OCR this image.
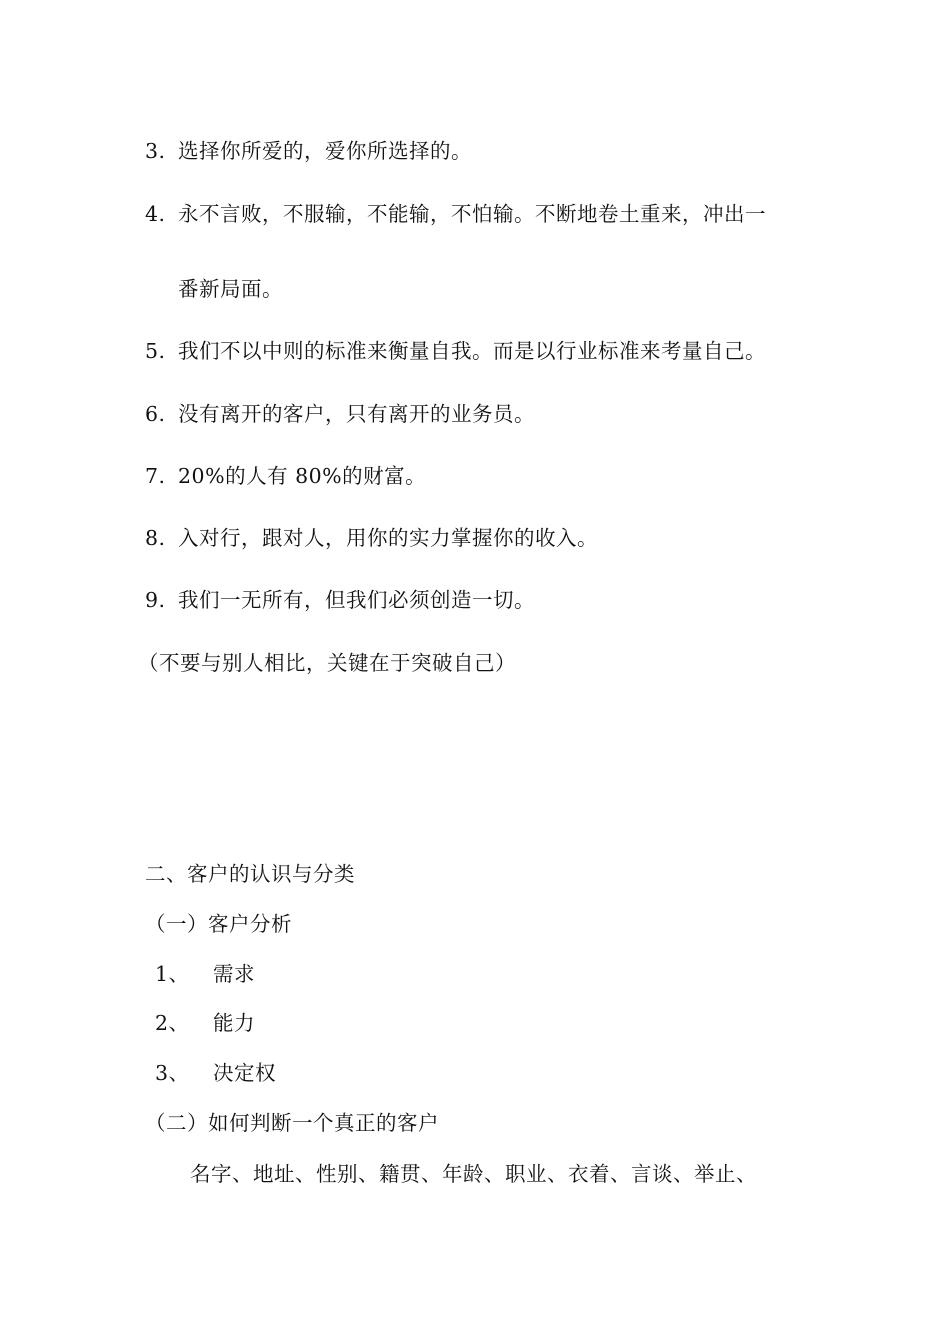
3. 选择你所爱的，爱你所选择的。
4. 永不言败，不服输，不能输，不怕输。不断地卷土重来，冲出一
番新局面。
5. 我们不以中则的标准来衡量自我。而是以行业标准来考量自己。
6. 没有离开的客户，只有离开的业务员。
7. 20%的人有 80%的财富。
8. 入对行，跟对人，用你的实力掌握你的收入。
9. 我们一无所有，但我们必须创造一切。
（不要与别人相比，关键在于突破自己）
二、客户的认识与分类
（一）客户分析
1、 需求
2、 能力
3、 决定权
（二）如何判断一个真正的客户
名字、地址、性别、籍贯、年龄、职业、衣着、言谈、举止、
